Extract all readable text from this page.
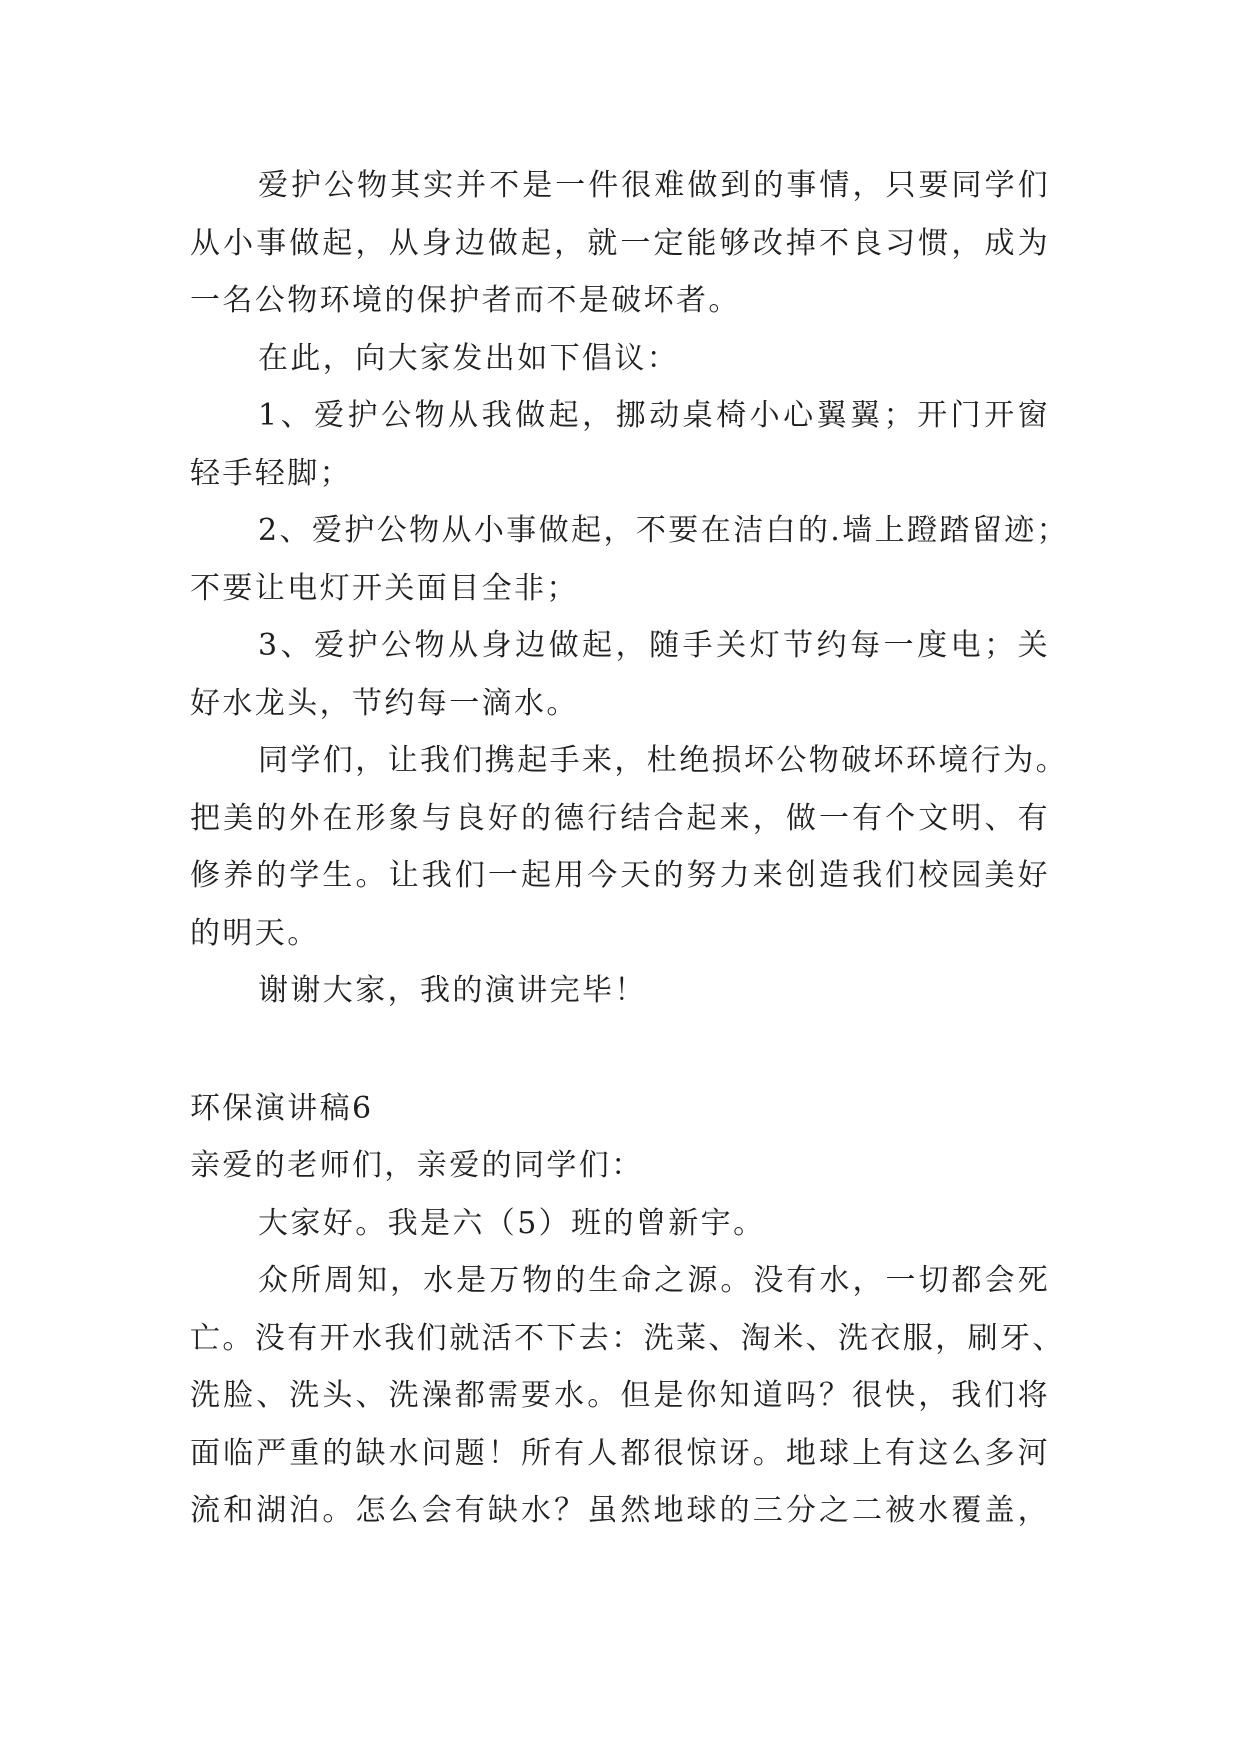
爱护公物其实并不是一件很难做到的事情，只要同学们
从小事做起，从身边做起，就一定能够改掉不良习惯，成为
一名公物环境的保护者而不是破坏者。
在此，向大家发出如下倡议：
1、爱护公物从我做起，挪动桌椅小心翼翼；开门开窗
轻手轻脚；
2、爱护公物从小事做起，不要在洁白的.墙上蹬踏留迹；
不要让电灯开关面目全非；
3、爱护公物从身边做起，随手关灯节约每一度电；关
好水龙头，节约每一滴水。
同学们，让我们携起手来，杜绝损坏公物破坏环境行为。
把美的外在形象与良好的德行结合起来，做一有个文明、有
修养的学生。让我们一起用今天的努力来创造我们校园美好
的明天。
谢谢大家，我的演讲完毕！
环保演讲稿6
亲爱的老师们，亲爱的同学们：
大家好。我是六（5）班的曾新宇。
众所周知，水是万物的生命之源。没有水，一切都会死
亡。没有开水我们就活不下去：洗菜、淘米、洗衣服，刷牙、
洗脸、洗头、洗澡都需要水。但是你知道吗？很快，我们将
面临严重的缺水问题！所有人都很惊讶。地球上有这么多河
流和湖泊。怎么会有缺水？虽然地球的三分之二被水覆盖，
